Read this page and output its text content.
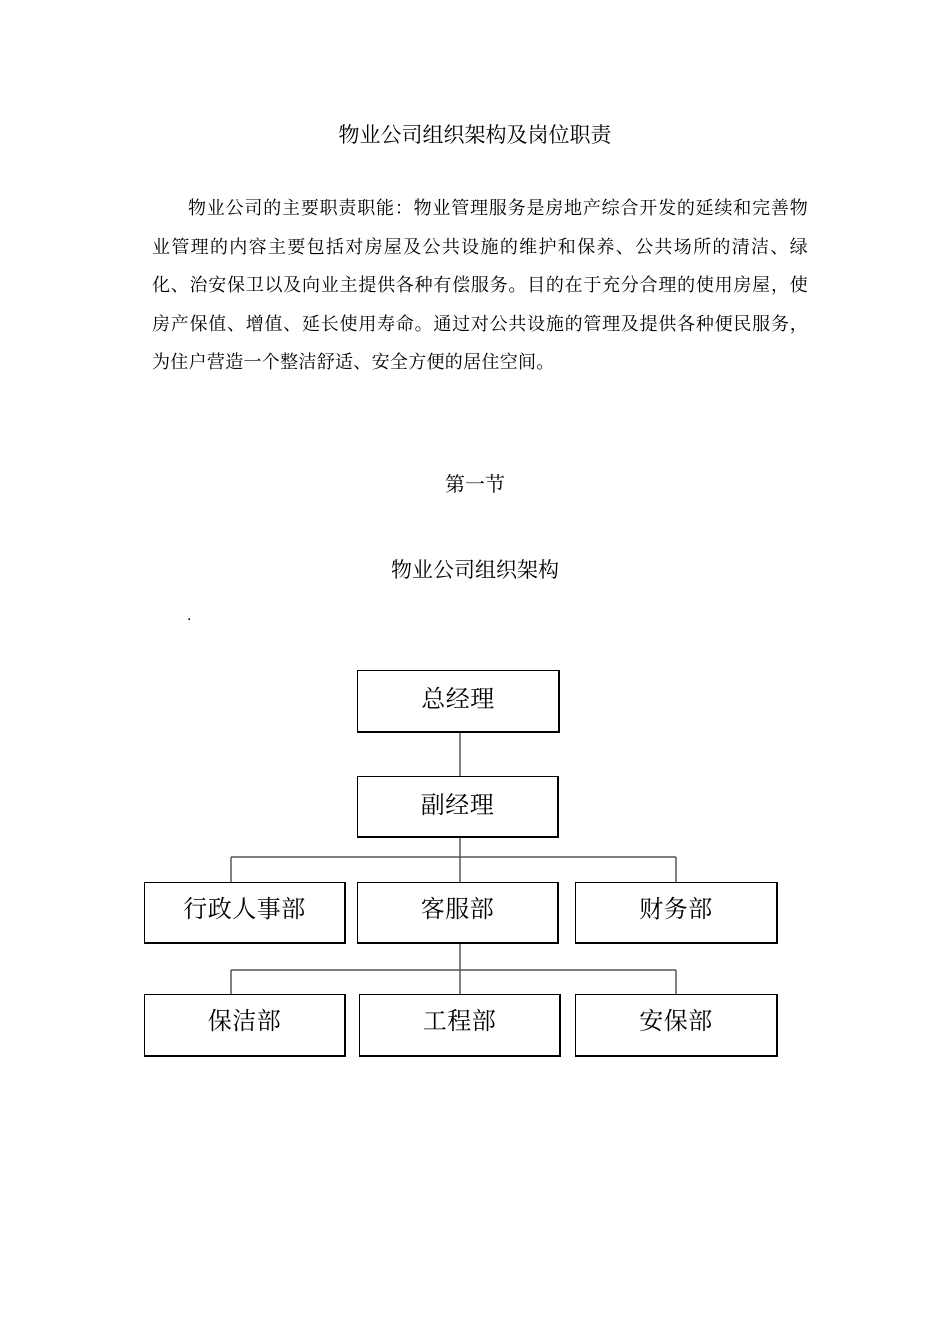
物业公司组织架构及岗位职责

物业公司的主要职责职能：物业管理服务是房地产综合开发的延续和完善物业管理的内容主要包括对房屋及公共设施的维护和保养、公共场所的清洁、绿化、治安保卫以及向业主提供各种有偿服务。目的在于充分合理的使用房屋，使房产保值、增值、延长使用寿命。通过对公共设施的管理及提供各种便民服务，为住户营造一个整洁舒适、安全方便的居住空间。

第一节
物业公司组织架构
.
总经理
副经理
行政人事部	客服部	财务部
保洁部	工程部	安保部
